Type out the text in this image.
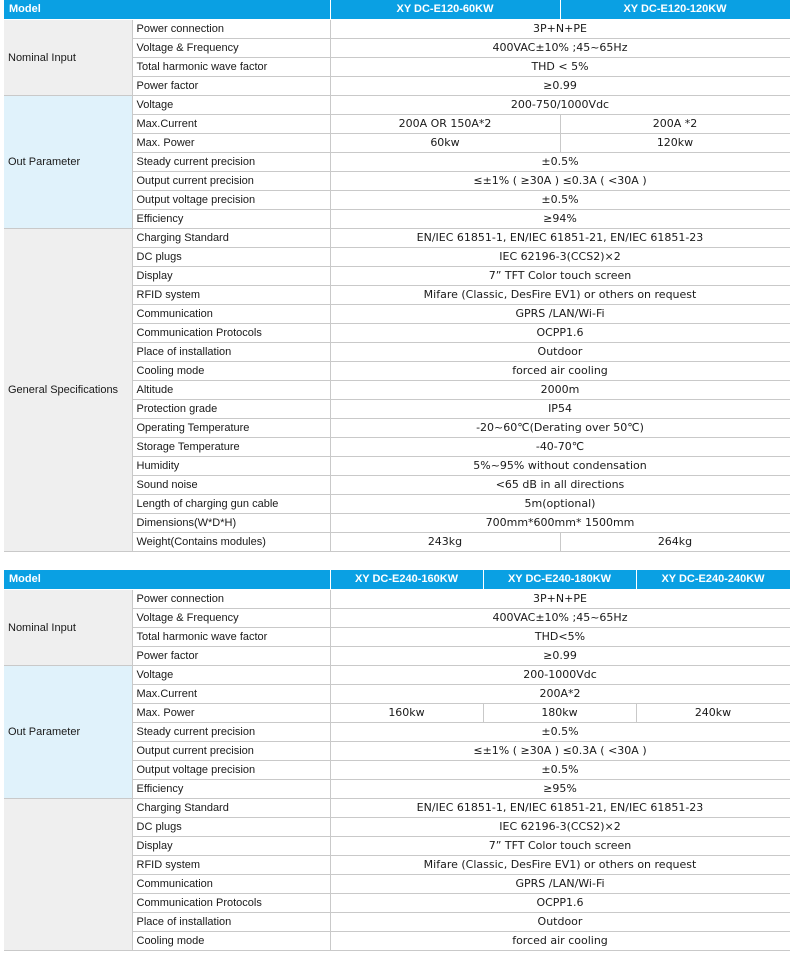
Model		XY DC-E120-60KW	XY DC-E120-120KW
Nominal Input	Power connection	3P+N+PE	
	Voltage & Frequency	400VAC±10% ;45~65Hz	
	Total harmonic wave factor	THD < 5%	
	Power factor	≥0.99	
Out Parameter	Voltage	200-750/1000Vdc	
	Max.Current	200A OR 150A*2	200A *2
	Max. Power	60kw	120kw
	Steady current precision	±0.5%	
	Output current precision	≤±1% ( ≥30A ) ≤0.3A ( <30A )	
	Output voltage precision	±0.5%	
	Efficiency	≥94%	
General Specifications	Charging Standard	EN/IEC 61851-1, EN/IEC 61851-21, EN/IEC 61851-23	
	DC plugs	IEC 62196-3(CCS2)×2	
	Display	7” TFT Color touch screen	
	RFID system	Mifare (Classic, DesFire EV1) or others on request	
	Communication	GPRS /LAN/Wi-Fi	
	Communication Protocols	OCPP1.6	
	Place of installation	Outdoor	
	Cooling mode	forced air cooling	
	Altitude	2000m	
	Protection grade	IP54	
	Operating Temperature	-20~60℃(Derating over 50℃)	
	Storage Temperature	-40-70℃	
	Humidity	5%~95% without condensation	
	Sound noise	<65 dB in all directions	
	Length of charging gun cable	5m(optional)	
	Dimensions(W*D*H)	700mm*600mm* 1500mm	
	Weight(Contains modules)	243kg	264kg
Model		XY DC-E240-160KW	XY DC-E240-180KW	XY DC-E240-240KW
Nominal Input	Power connection	3P+N+PE		
	Voltage & Frequency	400VAC±10% ;45~65Hz		
	Total harmonic wave factor	THD<5%		
	Power factor	≥0.99		
Out Parameter	Voltage	200-1000Vdc		
	Max.Current	200A*2		
	Max. Power	160kw	180kw	240kw
	Steady current precision	±0.5%		
	Output current precision	≤±1% ( ≥30A ) ≤0.3A ( <30A )		
	Output voltage precision	±0.5%		
	Efficiency	≥95%		
	Charging Standard	EN/IEC 61851-1, EN/IEC 61851-21, EN/IEC 61851-23		
	DC plugs	IEC 62196-3(CCS2)×2		
	Display	7” TFT Color touch screen		
	RFID system	Mifare (Classic, DesFire EV1) or others on request		
	Communication	GPRS /LAN/Wi-Fi		
	Communication Protocols	OCPP1.6		
	Place of installation	Outdoor		
	Cooling mode	forced air cooling		
